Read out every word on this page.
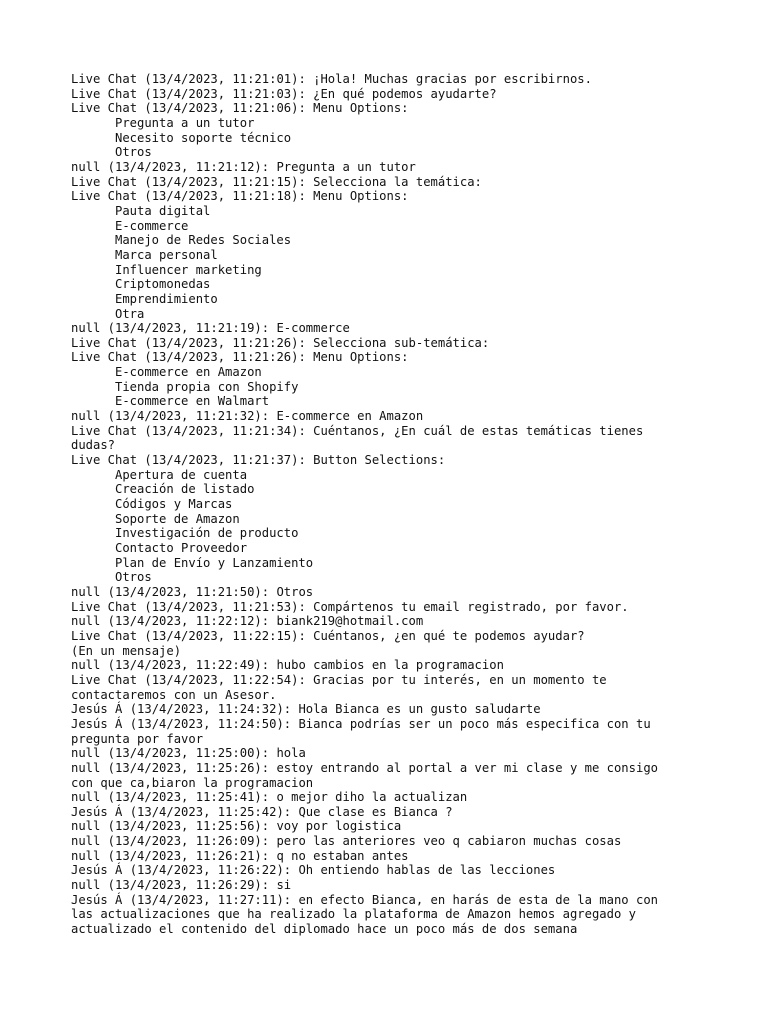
Live Chat (13/4/2023, 11:21:01): ¡Hola! Muchas gracias por escribirnos.
Live Chat (13/4/2023, 11:21:03): ¿En qué podemos ayudarte?
Live Chat (13/4/2023, 11:21:06): Menu Options:
Pregunta a un tutor
Necesito soporte técnico
Otros
null (13/4/2023, 11:21:12): Pregunta a un tutor
Live Chat (13/4/2023, 11:21:15): Selecciona la temática:
Live Chat (13/4/2023, 11:21:18): Menu Options:
Pauta digital
E-commerce
Manejo de Redes Sociales
Marca personal
Influencer marketing
Criptomonedas
Emprendimiento
Otra
null (13/4/2023, 11:21:19): E-commerce
Live Chat (13/4/2023, 11:21:26): Selecciona sub-temática:
Live Chat (13/4/2023, 11:21:26): Menu Options:
E-commerce en Amazon
Tienda propia con Shopify
E-commerce en Walmart
null (13/4/2023, 11:21:32): E-commerce en Amazon
Live Chat (13/4/2023, 11:21:34): Cuéntanos, ¿En cuál de estas temáticas tienes
dudas?
Live Chat (13/4/2023, 11:21:37): Button Selections:
Apertura de cuenta
Creación de listado
Códigos y Marcas
Soporte de Amazon
Investigación de producto
Contacto Proveedor
Plan de Envío y Lanzamiento
Otros
null (13/4/2023, 11:21:50): Otros
Live Chat (13/4/2023, 11:21:53): Compártenos tu email registrado, por favor.
null (13/4/2023, 11:22:12): biank219@hotmail.com
Live Chat (13/4/2023, 11:22:15): Cuéntanos, ¿en qué te podemos ayudar?
(En un mensaje)
null (13/4/2023, 11:22:49): hubo cambios en la programacion
Live Chat (13/4/2023, 11:22:54): Gracias por tu interés, en un momento te
contactaremos con un Asesor.
Jesús Á (13/4/2023, 11:24:32): Hola Bianca es un gusto saludarte
Jesús Á (13/4/2023, 11:24:50): Bianca podrías ser un poco más especifica con tu
pregunta por favor
null (13/4/2023, 11:25:00): hola
null (13/4/2023, 11:25:26): estoy entrando al portal a ver mi clase y me consigo
con que ca,biaron la programacion
null (13/4/2023, 11:25:41): o mejor diho la actualizan
Jesús Á (13/4/2023, 11:25:42): Que clase es Bianca ?
null (13/4/2023, 11:25:56): voy por logistica
null (13/4/2023, 11:26:09): pero las anteriores veo q cabiaron muchas cosas
null (13/4/2023, 11:26:21): q no estaban antes
Jesús Á (13/4/2023, 11:26:22): Oh entiendo hablas de las lecciones
null (13/4/2023, 11:26:29): si
Jesús Á (13/4/2023, 11:27:11): en efecto Bianca, en harás de esta de la mano con
las actualizaciones que ha realizado la plataforma de Amazon hemos agregado y
actualizado el contenido del diplomado hace un poco más de dos semana
